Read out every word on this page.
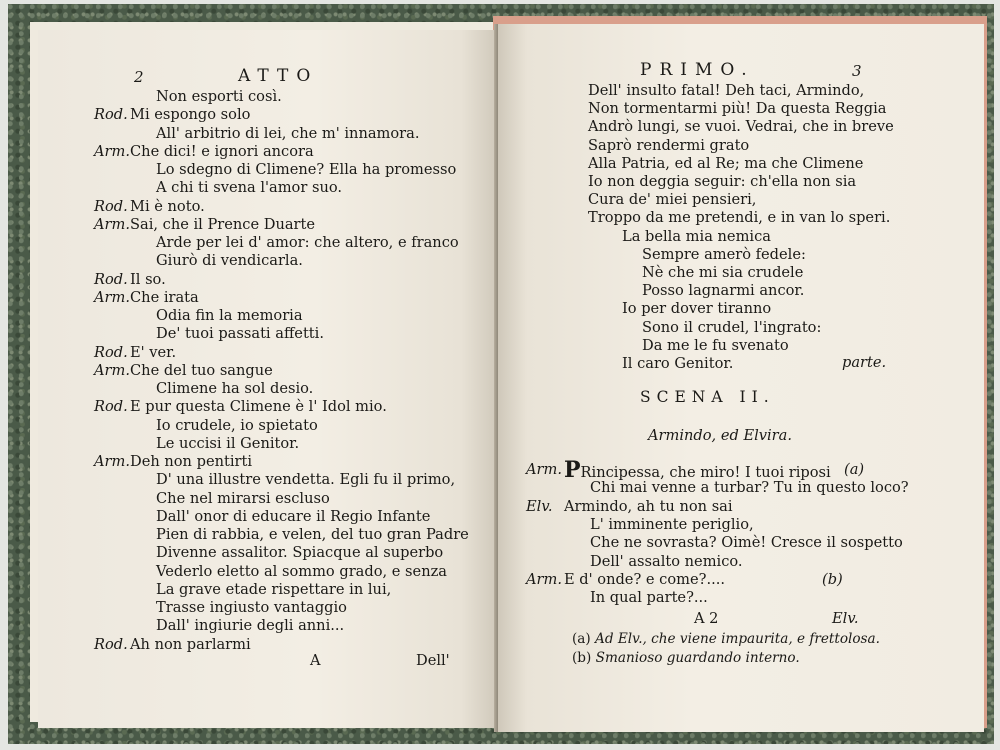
2	ATTO
Non esporti così.
Rod. Mi espongo solo
All' arbitrio di lei, che m' innamora.
Arm. Che dici! e ignori ancora
Lo sdegno di Climene? Ella ha promesso
A chi ti svena l'amor suo.
Rod. Mi è noto.
Arm. Sai, che il Prence Duarte
Arde per lei d' amor: che altero, e franco
Giurò di vendicarla.
Rod. Il so.
Arm. Che irata
Odia fin la memoria
De' tuoi passati affetti.
Rod. E' ver.
Arm. Che del tuo sangue
Climene ha sol desio.
Rod. E pur questa Climene è l' Idol mio.
Io crudele, io spietato
Le uccisi il Genitor.
Arm. Deh non pentirti
D' una illustre vendetta. Egli fu il primo,
Che nel mirarsi escluso
Dall' onor di educare il Regio Infante
Pien di rabbia, e velen, del tuo gran Padre
Divenne assalitor. Spiacque al superbo
Vederlo eletto al sommo grado, e senza
La grave etade rispettare in lui,
Trasse ingiusto vantaggio
Dall' ingiurie degli anni...
Rod. Ah non parlarmi
A	Dell'
PRIMO.	3
Dell' insulto fatal! Deh taci, Armindo,
Non tormentarmi più! Da questa Reggia
Andrò lungi, se vuoi. Vedrai, che in breve
Saprò rendermi grato
Alla Patria, ed al Re; ma che Climene
Io non deggia seguir: ch'ella non sia
Cura de' miei pensieri,
Troppo da me pretendi, e in van lo speri.
La bella mia nemica
Sempre amerò fedele:
Nè che mi sia crudele
Posso lagnarmi ancor.
Io per dover tiranno
Sono il crudel, l'ingrato:
Da me le fu svenato
Il caro Genitor.	parte.
SCENA II.
Armindo, ed Elvira.
Arm. PRincipessa, che miro! I tuoi riposi (a)
Chi mai venne a turbar? Tu in questo loco?
Elv. Armindo, ah tu non sai
L' imminente periglio,
Che ne sovrasta? Oimè! Cresce il sospetto
Dell' assalto nemico.
Arm. E d' onde? e come?....	(b)
In qual parte?...
A 2	Elv.
(a) Ad Elv., che viene impaurita, e frettolosa.
(b) Smanioso guardando interno.
